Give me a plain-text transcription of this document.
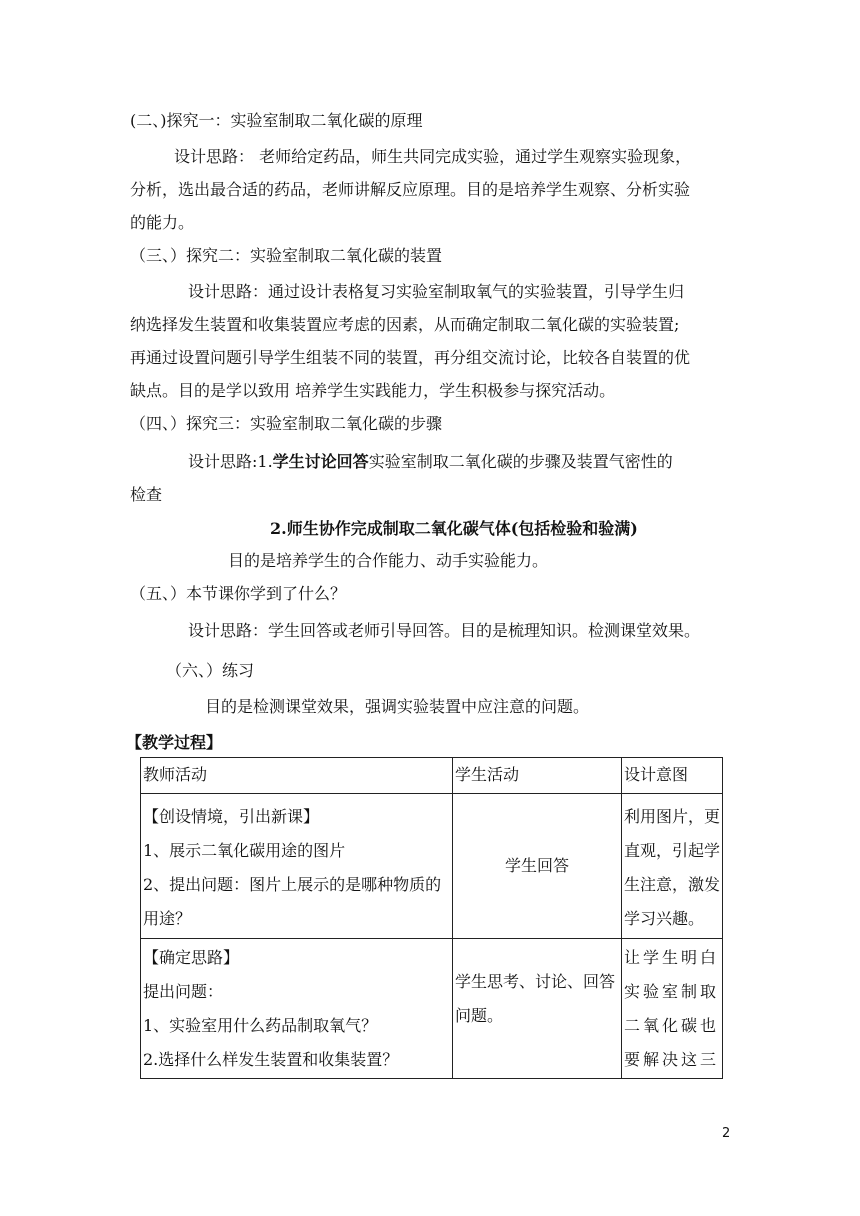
(二、)探究一：实验室制取二氧化碳的原理
设计思路： 老师给定药品，师生共同完成实验，通过学生观察实验现象，
分析，选出最合适的药品，老师讲解反应原理。目的是培养学生观察、分析实验
的能力。
（三、）探究二：实验室制取二氧化碳的装置
设计思路：通过设计表格复习实验室制取氧气的实验装置，引导学生归
纳选择发生装置和收集装置应考虑的因素，从而确定制取二氧化碳的实验装置;
再通过设置问题引导学生组装不同的装置，再分组交流讨论，比较各自装置的优
缺点。目的是学以致用 培养学生实践能力，学生积极参与探究活动。
（四、）探究三：实验室制取二氧化碳的步骤
设计思路:1.学生讨论回答实验室制取二氧化碳的步骤及装置气密性的
检查
2.师生协作完成制取二氧化碳气体(包括检验和验满)
目的是培养学生的合作能力、动手实验能力。
（五、）本节课你学到了什么？
设计思路：学生回答或老师引导回答。目的是梳理知识。检测课堂效果。
（六、）练习
目的是检测课堂效果，强调实验装置中应注意的问题。
【教学过程】
教师活动	学生活动	设计意图

【创设情境，引出新课】
1、展示二氧化碳用途的图片
2、提出问题：图片上展示的是哪种物质的
用途？	学生回答	利用图片，更
直观，引起学
生注意，激发
学习兴趣。

【确定思路】
提出问题：
1、实验室用什么药品制取氧气？
2.选择什么样发生装置和收集装置？	学生思考、讨论、回答
问题。	让学生明白
实验室制取
二氧化碳也
要解决这三
2
